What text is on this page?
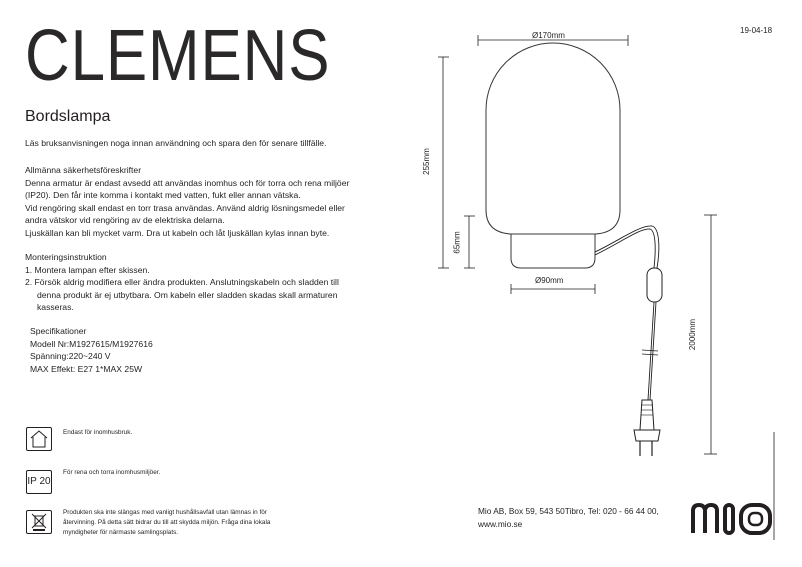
CLEMENS
Bordslampa
19-04-18
Läs bruksanvisningen noga innan användning och spara den för senare tillfälle.
Allmänna säkerhetsföreskrifter
Denna armatur är endast avsedd att användas inomhus och för torra och rena miljöer
(IP20). Den får inte komma i kontakt med vatten, fukt eller annan vätska.
Vid rengöring skall endast en torr trasa användas. Använd aldrig lösningsmedel eller
andra vätskor vid rengöring av de elektriska delarna.
Ljuskällan kan bli mycket varm. Dra ut kabeln och låt ljuskällan kylas innan byte.
Monteringsinstruktion
1. Montera lampan efter skissen.
2. Försök aldrig modifiera eller ändra produkten. Anslutningskabeln och sladden till
denna produkt är ej utbytbara. Om kabeln eller sladden skadas skall armaturen
kasseras.
Specifikationer
Modell Nr:M1927615/M1927616
Spänning:220~240 V
MAX Effekt: E27 1*MAX 25W
Endast för inomhusbruk.
IP 20
För rena och torra inomhusmiljöer.
Produkten ska inte slängas med vanligt hushållsavfall utan lämnas in för
återvinning. På detta sätt bidrar du till att skydda miljön. Fråga dina lokala
myndigheter för närmaste samlingsplats.
Ø170mm
Ø90mm
255mm
65mm
2000mm
Mio AB, Box 59, 543 50Tibro, Tel: 020 - 66 44 00,
www.mio.se
